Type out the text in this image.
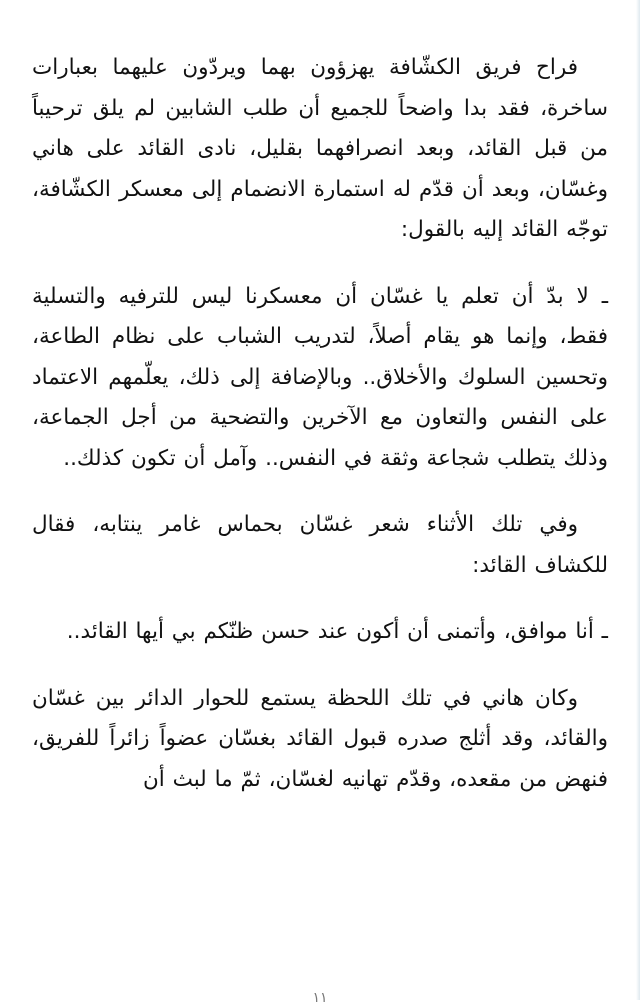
فراح فريق الكشّافة يهزؤون بهما ويردّون عليهما بعبارات ساخرة، فقد بدا واضحاً للجميع أن طلب الشابين لم يلق ترحيباً من قبل القائد، وبعد انصرافهما بقليل، نادى القائد على هاني وغسّان، وبعد أن قدّم له استمارة الانضمام إلى معسكر الكشّافة، توجّه القائد إليه بالقول:

ـ لا بدّ أن تعلم يا غسّان أن معسكرنا ليس للترفيه والتسلية فقط، وإنما هو يقام أصلاً، لتدريب الشباب على نظام الطاعة، وتحسين السلوك والأخلاق.. وبالإضافة إلى ذلك، يعلّمهم الاعتماد على النفس والتعاون مع الآخرين والتضحية من أجل الجماعة، وذلك يتطلب شجاعة وثقة في النفس.. وآمل أن تكون كذلك..

وفي تلك الأثناء شعر غسّان بحماس غامر ينتابه، فقال للكشاف القائد:

ـ أنا موافق، وأتمنى أن أكون عند حسن ظنّكم بي أيها القائد..

وكان هاني في تلك اللحظة يستمع للحوار الدائر بين غسّان والقائد، وقد أثلج صدره قبول القائد بغسّان عضواً زائراً للفريق، فنهض من مقعده، وقدّم تهانيه لغسّان، ثمّ ما لبث أن

١١
